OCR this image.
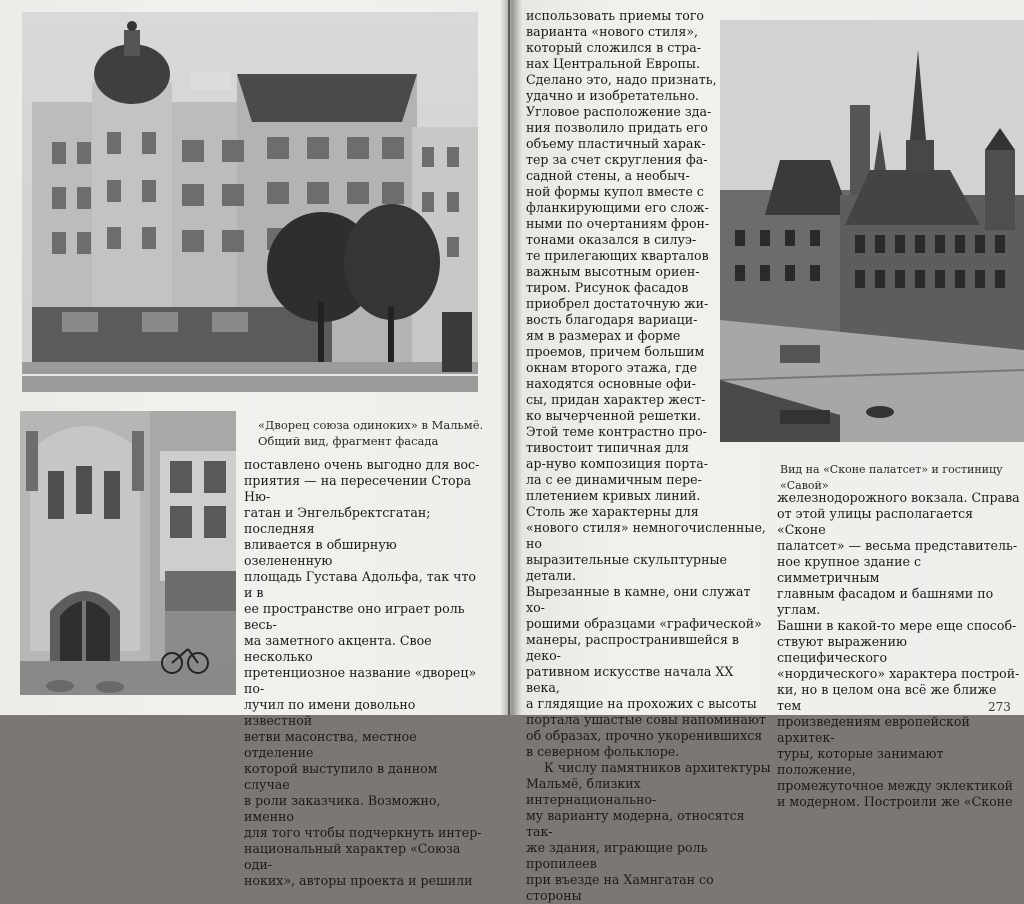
«Дворец союза одиноких» в Мальмё.
Общий вид, фрагмент фасада

поставлено очень выгодно для вос-

приятия — на пересечении Стора Ню-

гатан и Энгельбректсгатан; последняя

вливается в обширную озелененную

площадь Густава Адольфа, так что и в

ее пространстве оно играет роль весь-

ма заметного акцента. Свое несколько

претенциозное название «дворец» по-

лучил по имени довольно известной

ветви масонства, местное отделение

которой выступило в данном случае

в роли заказчика. Возможно, именно

для того чтобы подчеркнуть интер-

национальный характер «Союза оди-

ноких», авторы проекта и решили

использовать приемы того

варианта «нового стиля»,

который сложился в стра-

нах Центральной Европы.

Сделано это, надо признать,

удачно и изобретательно.

Угловое расположение зда-

ния позволило придать его

объему пластичный харак-

тер за счет скругления фа-

садной стены, а необыч-

ной формы купол вместе с

фланкирующими его слож-

ными по очертаниям фрон-

тонами оказался в силуэ-

те прилегающих кварталов

важным высотным ориен-

тиром. Рисунок фасадов

приобрел достаточную жи-

вость благодаря вариаци-

ям в размерах и форме

проемов, причем большим

окнам второго этажа, где

находятся основные офи-

сы, придан характер жест-

ко вычерченной решетки.

Этой теме контрастно про-

тивостоит типичная для

ар-нуво композиция порта-

ла с ее динамичным пере-

плетением кривых линий.

Столь же характерны для

«нового стиля» немногочисленные, но

выразительные скульптурные детали.

Вырезанные в камне, они служат хо-

рошими образцами «графической»

манеры, распространившейся в деко-

ративном искусстве начала XX века,

а глядящие на прохожих с высоты

портала ушастые совы напоминают

об образах, прочно укоренившихся

в северном фольклоре.

К числу памятников архитектуры

Мальмё, близких интернационально-

му варианту модерна, относятся так-

же здания, играющие роль пропилеев

при въезде на Хамнгатан со стороны

Вид на «Сконе палатсет» и гостиницу «Савой»

железнодорожного вокзала. Справа

от этой улицы располагается «Сконе

палатсет» — весьма представитель-

ное крупное здание с симметричным

главным фасадом и башнями по углам.

Башни в какой-то мере еще способ-

ствуют выражению специфического

«нордического» характера построй-

ки, но в целом она всё же ближе тем

произведениям европейской архитек-

туры, которые занимают положение,

промежуточное между эклектикой

и модерном. Построили же «Сконе

273
